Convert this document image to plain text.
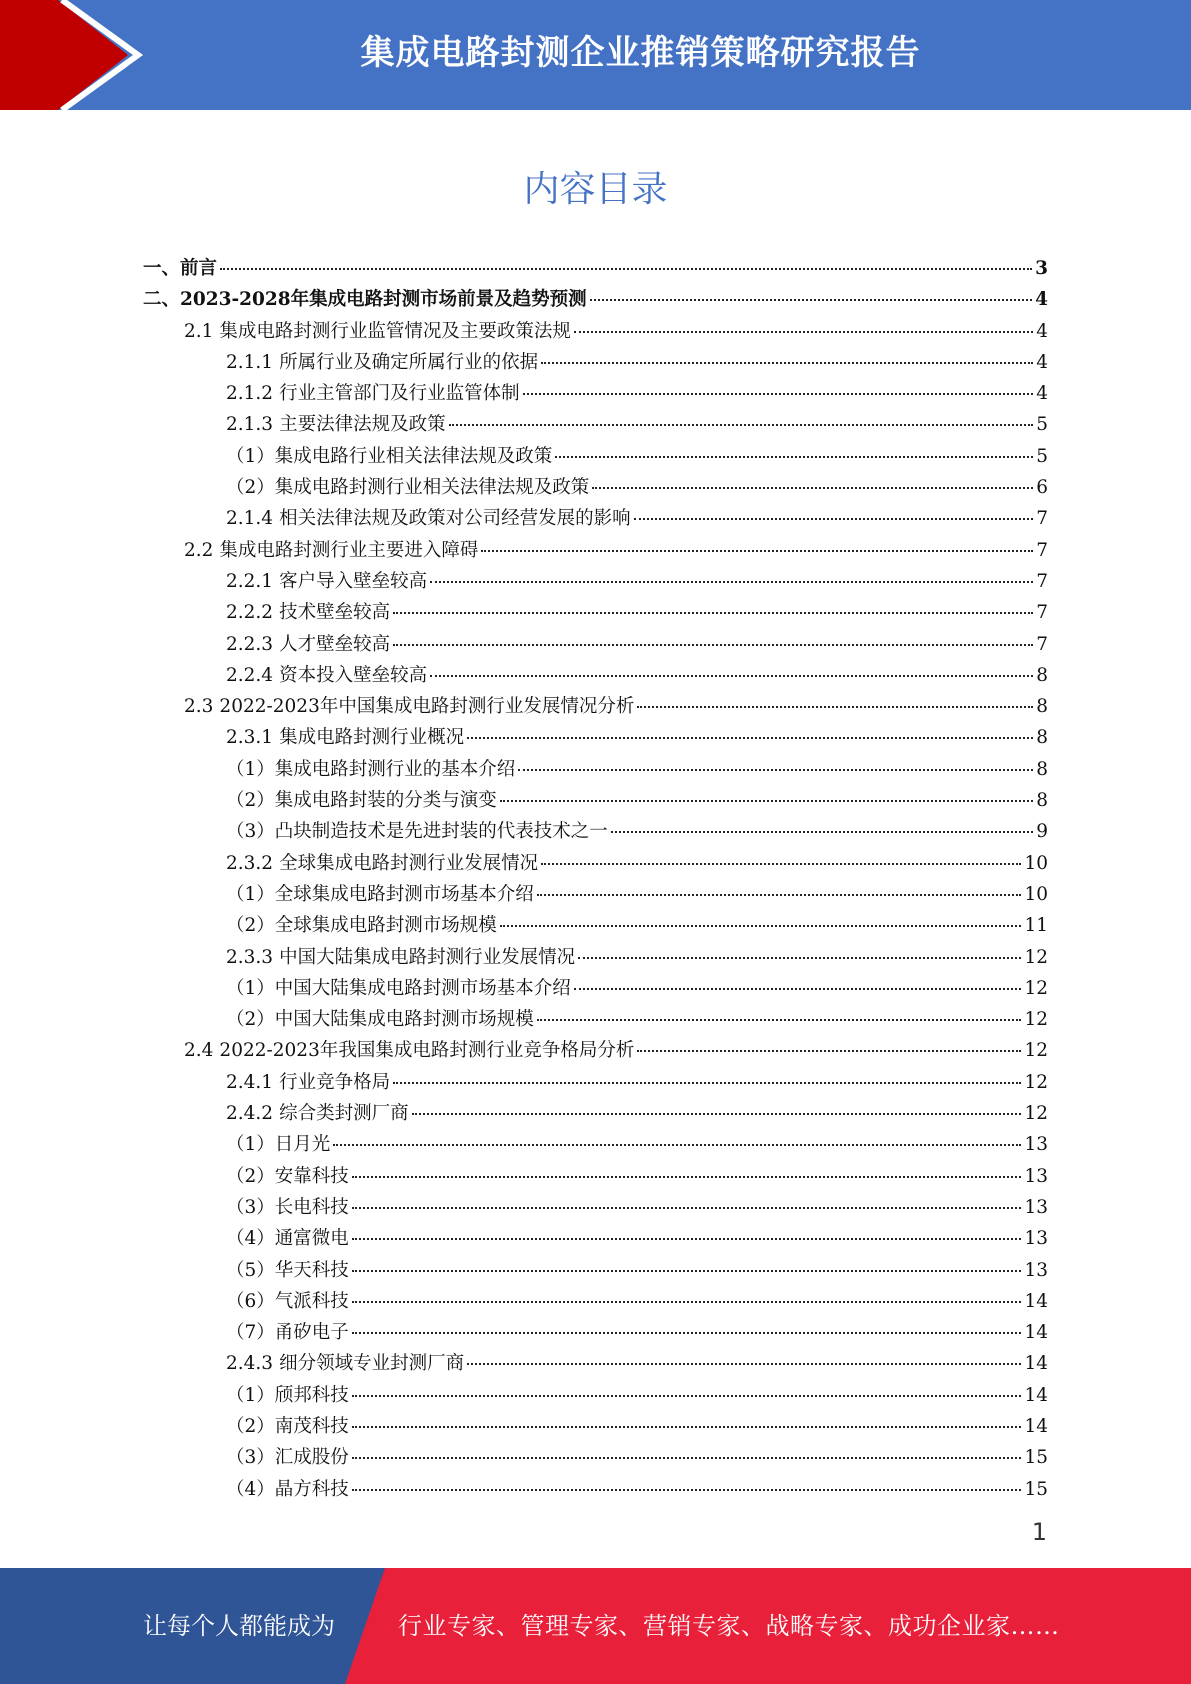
集成电路封测企业推销策略研究报告
内容目录
一、 前言	3
二、 2023-2028年集成电路封测市场前景及趋势预测	4
2.1 集成电路封测行业监管情况及主要政策法规	4
2.1.1 所属行业及确定所属行业的依据	4
2.1.2 行业主管部门及行业监管体制	4
2.1.3 主要法律法规及政策	5
（1） 集成电路行业相关法律法规及政策	5
（2） 集成电路封测行业相关法律法规及政策	6
2.1.4 相关法律法规及政策对公司经营发展的影响	7
2.2 集成电路封测行业主要进入障碍	7
2.2.1 客户导入壁垒较高	7
2.2.2 技术壁垒较高	7
2.2.3 人才壁垒较高	7
2.2.4 资本投入壁垒较高	8
2.3 2022-2023年中国集成电路封测行业发展情况分析	8
2.3.1 集成电路封测行业概况	8
（1） 集成电路封测行业的基本介绍	8
（2） 集成电路封装的分类与演变	8
（3） 凸块制造技术是先进封装的代表技术之一	9
2.3.2 全球集成电路封测行业发展情况	10
（1） 全球集成电路封测市场基本介绍	10
（2） 全球集成电路封测市场规模	11
2.3.3 中国大陆集成电路封测行业发展情况	12
（1） 中国大陆集成电路封测市场基本介绍	12
（2） 中国大陆集成电路封测市场规模	12
2.4 2022-2023年我国集成电路封测行业竞争格局分析	12
2.4.1 行业竞争格局	12
2.4.2 综合类封测厂商	12
（1） 日月光	13
（2） 安靠科技	13
（3） 长电科技	13
（4） 通富微电	13
（5） 华天科技	13
（6） 气派科技	14
（7） 甬矽电子	14
2.4.3 细分领域专业封测厂商	14
（1） 颀邦科技	14
（2） 南茂科技	14
（3） 汇成股份	15
（4） 晶方科技	15
1
让每个人都能成为	行业专家、管理专家、营销专家、战略专家、成功企业家……
